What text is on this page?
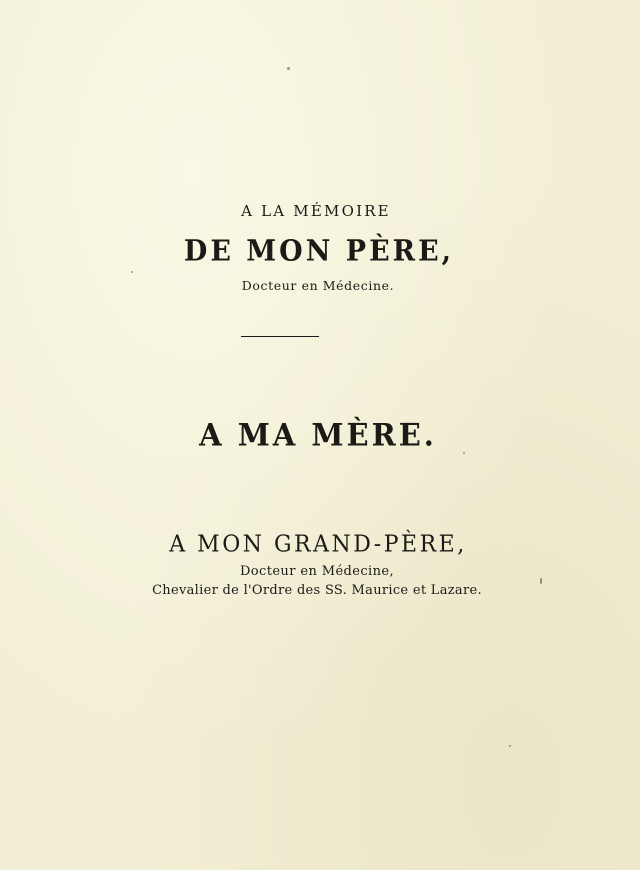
A LA MÉMOIRE
DE MON PÈRE,
Docteur en Médecine.
A MA MÈRE.
A MON GRAND-PÈRE,
Docteur en Médecine,
Chevalier de l'Ordre des SS. Maurice et Lazare.
